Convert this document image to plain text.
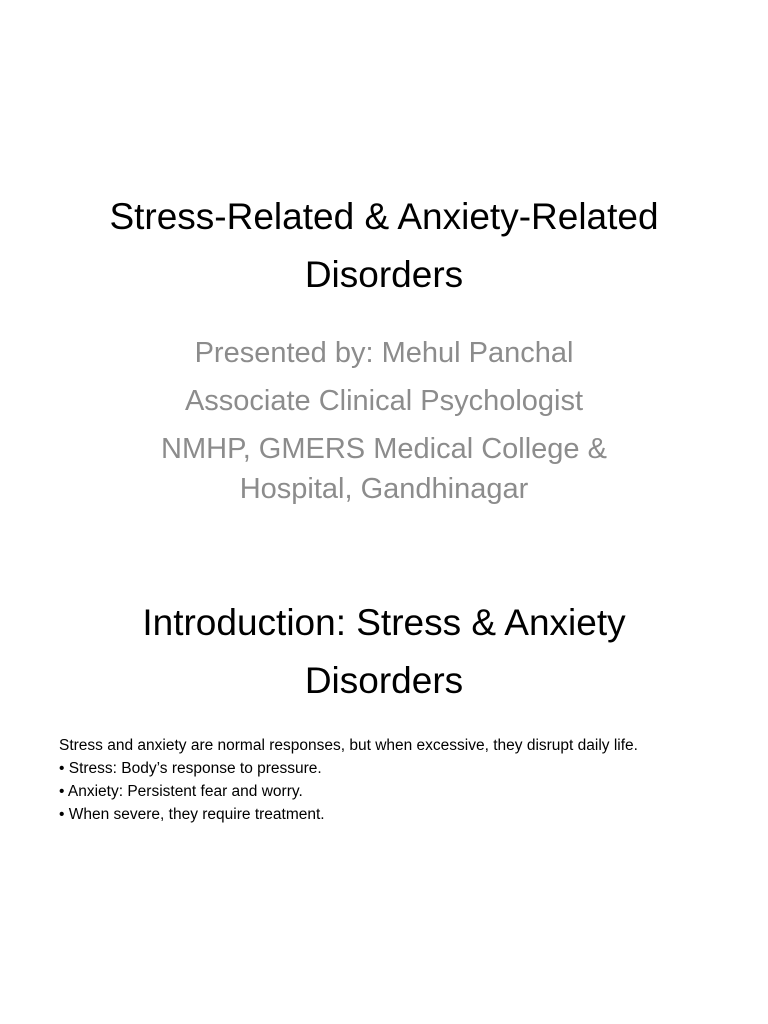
Stress-Related & Anxiety-Related
Disorders
Presented by: Mehul Panchal
Associate Clinical Psychologist
NMHP, GMERS Medical College &
Hospital, Gandhinagar
Introduction: Stress & Anxiety
Disorders
Stress and anxiety are normal responses, but when excessive, they disrupt daily life.
• Stress: Body’s response to pressure.
• Anxiety: Persistent fear and worry.
• When severe, they require treatment.
